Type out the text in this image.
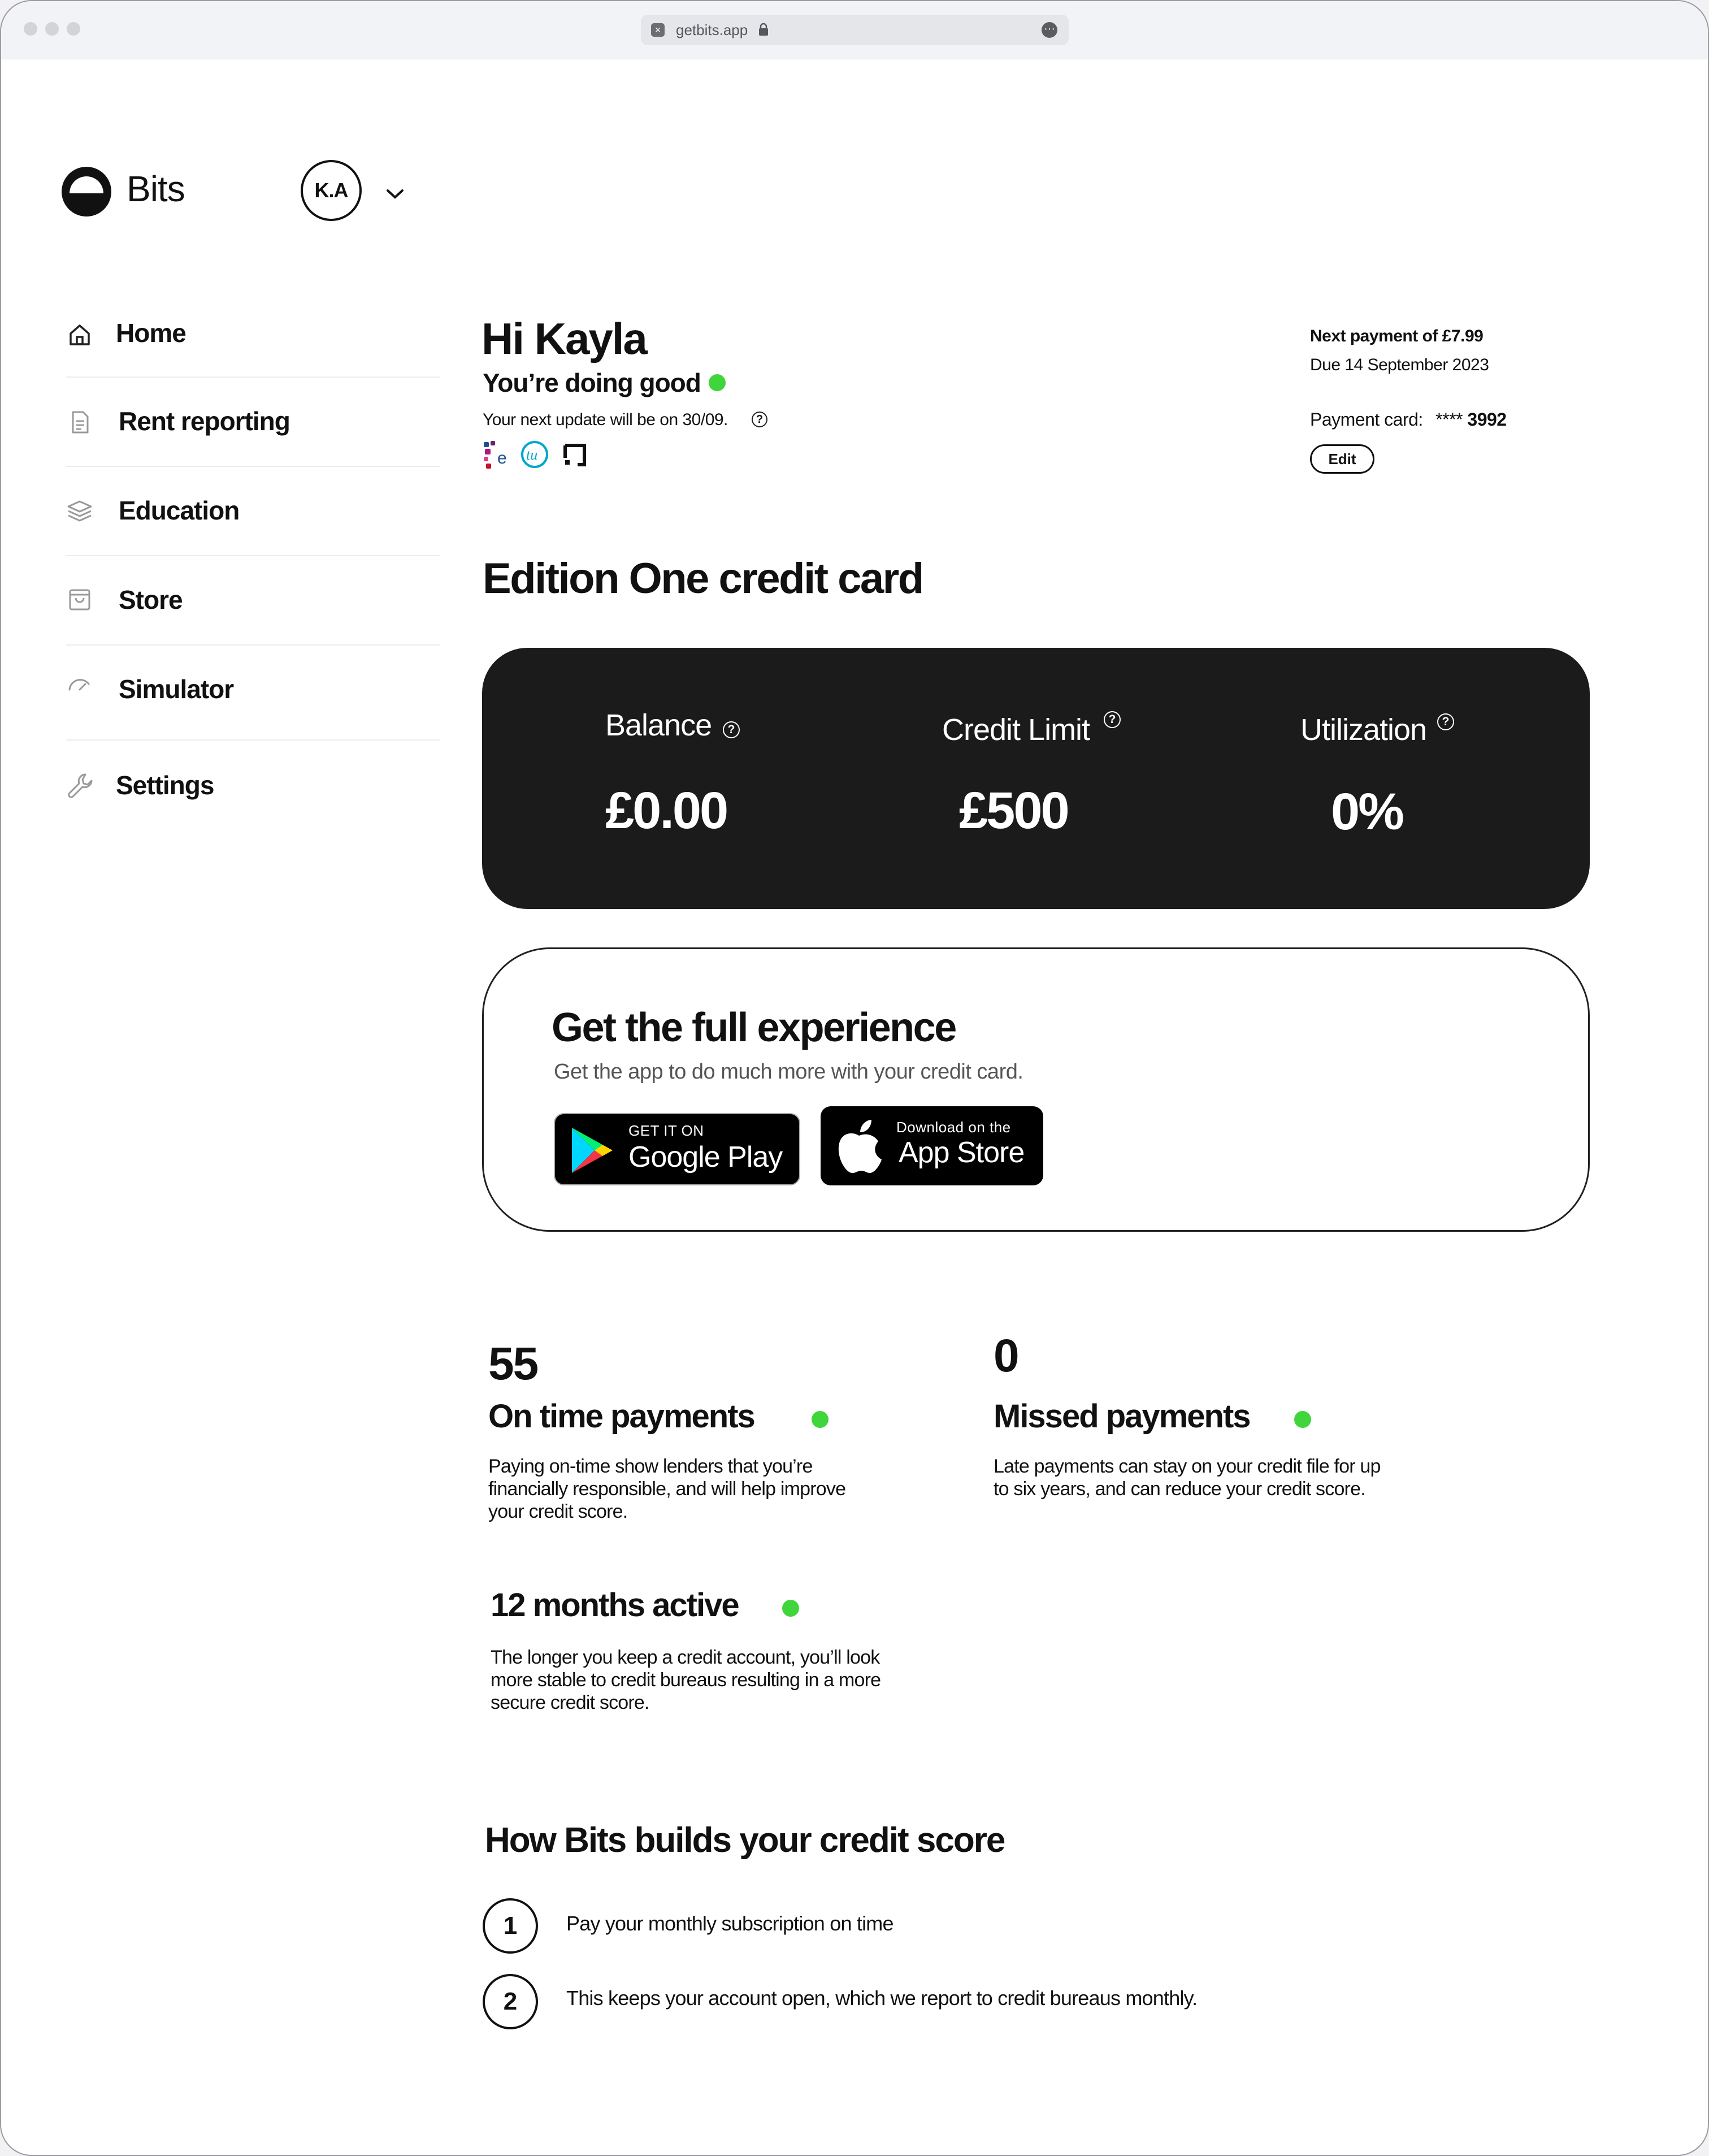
× getbits.app	···
Bits	K.A
Home
Rent reporting
Education
Store
Simulator
Settings
Hi Kayla
You’re doing good
Your next update will be on 30/09.	?
e tu
Next payment of £7.99
Due 14 September 2023
Payment card: **** 3992
Edit
Edition One credit card
Balance	?
£0.00
Credit Limit	?
£500
Utilization	?
0%
Get the full experience
Get the app to do much more with your credit card.
GET IT ON
Google Play
Download on the
App Store
55
On time payments
Paying on-time show lenders that you’re financially responsible, and will help improve your credit score.
0
Missed payments
Late payments can stay on your credit file for up to six years, and can reduce your credit score.
12 months active
The longer you keep a credit account, you’ll look more stable to credit bureaus resulting in a more secure credit score.
How Bits builds your credit score
1	Pay your monthly subscription on time
2	This keeps your account open, which we report to credit bureaus monthly.
